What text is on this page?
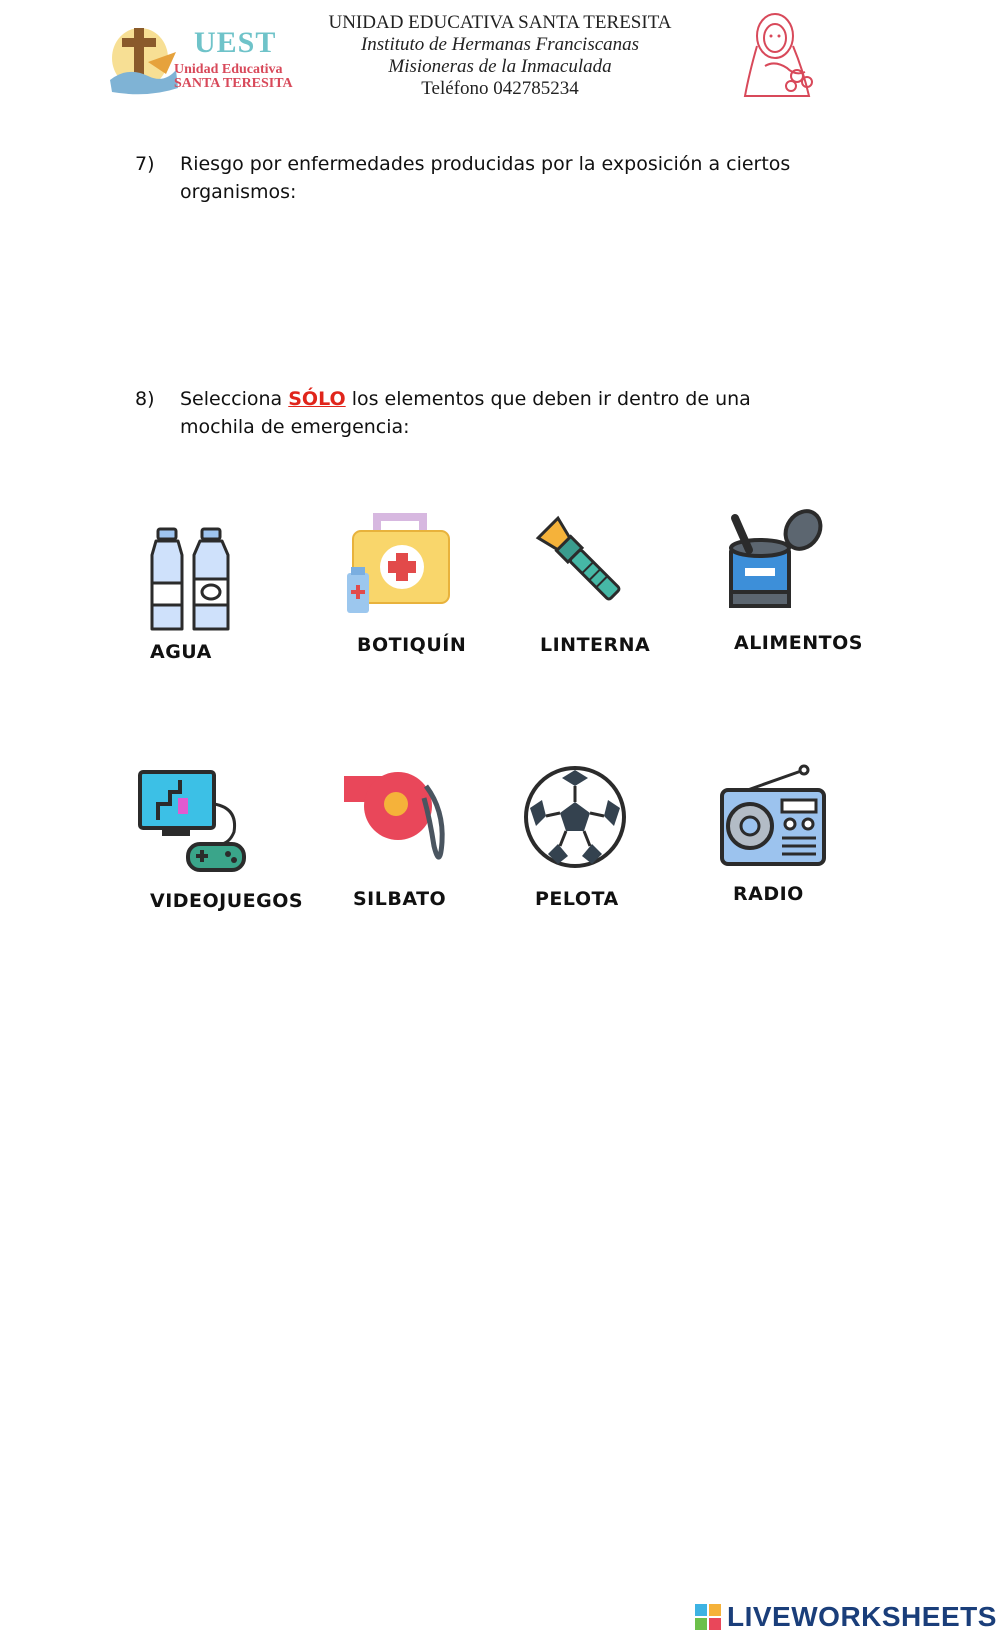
UEST
Unidad Educativa
SANTA TERESITA
UNIDAD EDUCATIVA SANTA TERESITA
Instituto de Hermanas Franciscanas
Misioneras de la Inmaculada
Teléfono 042785234
7) Riesgo por enfermedades producidas por la exposición a ciertos organismos:
8) Selecciona SÓLO los elementos que deben ir dentro de una mochila de emergencia:
AGUA	BOTIQUÍN	LINTERNA	ALIMENTOS
VIDEOJUEGOS	SILBATO	PELOTA	RADIO
LIVEWORKSHEETS
